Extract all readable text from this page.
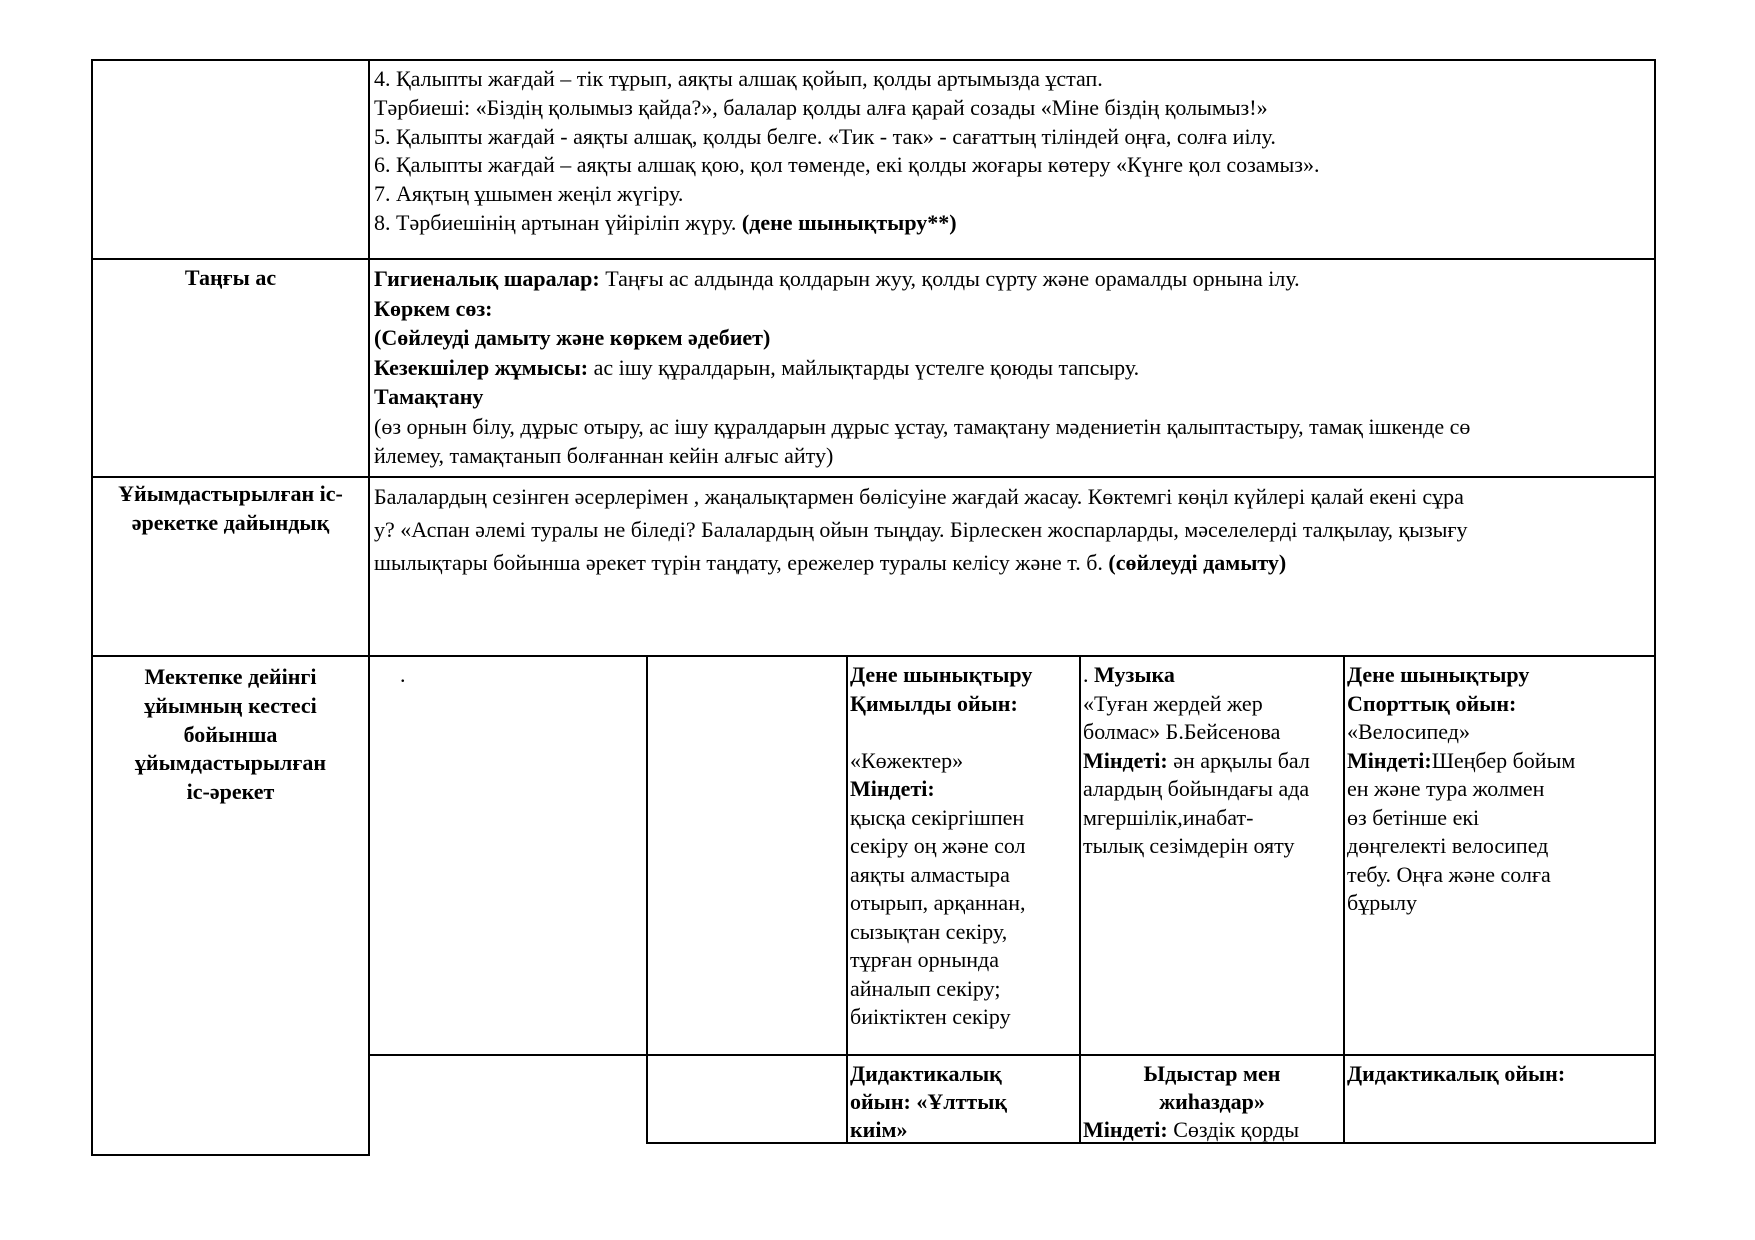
4. Қалыпты жағдай – тік тұрып, аяқты алшақ қойып, қолды артымызда ұстап.
Тәрбиеші: «Біздің қолымыз қайда?», балалар қолды алға қарай созады «Міне біздің қолымыз!»
5. Қалыпты жағдай - аяқты алшақ, қолды белге. «Тик - так» - сағаттың тіліндей оңға, солға иілу.
6. Қалыпты жағдай – аяқты алшақ қою, қол төменде, екі қолды жоғары көтеру «Күнге қол созамыз».
7. Аяқтың ұшымен жеңіл жүгіру.
8. Тәрбиешінің артынан үйіріліп жүру. (дене шынықтыру**)
Таңғы ас	Гигиеналық шаралар: Таңғы ас алдында қолдарын жуу, қолды сүрту және орамалды орнына ілу.
Көркем сөз:
(Сөйлеуді дамыту және көркем әдебиет)
Кезекшілер жұмысы: ас ішу құралдарын, майлықтарды үстелге қоюды тапсыру.
Тамақтану
(өз орнын білу, дұрыс отыру, ас ішу құралдарын дұрыс ұстау, тамақтану мәдениетін қалыптастыру, тамақ ішкенде сө
йлемеу, тамақтанып болғаннан кейін алғыс айту)
Ұйымдастырылған іс-
әрекетке дайындық
Балалардың сезінген әсерлерімен , жаңалықтармен бөлісуіне жағдай жасау. Көктемгі көңіл күйлері қалай екені сұра
у? «Аспан әлемі туралы не біледі? Балалардың ойын тыңдау. Бірлескен жоспарларды, мәселелерді талқылау, қызығу
шылықтары бойынша әрекет түрін таңдату, ережелер туралы келісу және т. б. (сөйлеуді дамыту)
Мектепке дейінгі
ұйымның кестесі
бойынша
ұйымдастырылған
іс-әрекет
.	Дене шынықтыру
Қимылды ойын:
«Көжектер»
Міндеті:
қысқа секіргішпен
секіру оң және сол
аяқты алмастыра
отырып, арқаннан,
сызықтан секіру,
тұрған орнында
айналып секіру;
биіктіктен секіру
. Музыка
«Туған жердей жер
болмас» Б.Бейсенова
Міндеті: ән арқылы бал
алардың бойындағы ада
мгершілік,инабат-
тылық сезімдерін ояту
Дене шынықтыру
Спорттық ойын:
«Велосипед»
Міндеті:Шеңбер бойым
ен және тура жолмен
өз бетінше екі
дөңгелекті велосипед
тебу. Оңға және солға
бұрылу
Дидактикалық
ойын: «Ұлттық
киім»
Ыдыстар мен
жиһаздар»
Міндеті: Сөздік қорды
Дидактикалық ойын:
